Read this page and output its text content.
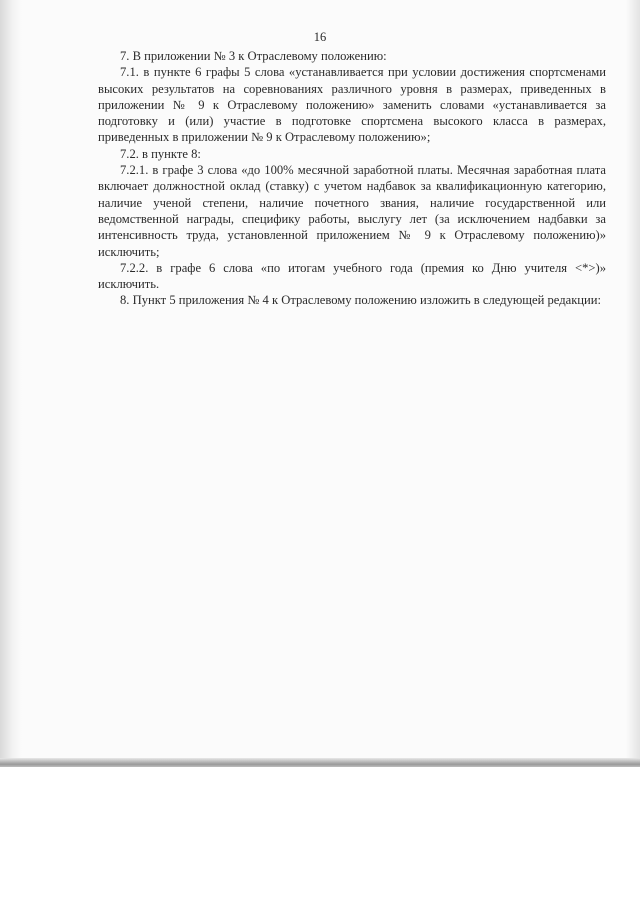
16

7. В приложении № 3 к Отраслевому положению:

7.1. в пункте 6 графы 5 слова «устанавливается при условии достижения спортсменами высоких результатов на соревнованиях различного уровня в размерах, приведенных в приложении № 9 к Отраслевому положению» заменить словами «устанавливается за подготовку и (или) участие в подготовке спортсмена высокого класса в размерах, приведенных в приложении № 9 к Отраслевому положению»;

7.2. в пункте 8:

7.2.1. в графе 3 слова «до 100% месячной заработной платы. Месячная заработная плата включает должностной оклад (ставку) с учетом надбавок за квалификационную категорию, наличие ученой степени, наличие почетного звания, наличие государственной или ведомственной награды, специфику работы, выслугу лет (за исключением надбавки за интенсивность труда, установленной приложением № 9 к Отраслевому положению)» исключить;

7.2.2. в графе 6 слова «по итогам учебного года (премия ко Дню учителя <*>)» исключить.

8. Пункт 5 приложения № 4 к Отраслевому положению изложить в следующей редакции:
